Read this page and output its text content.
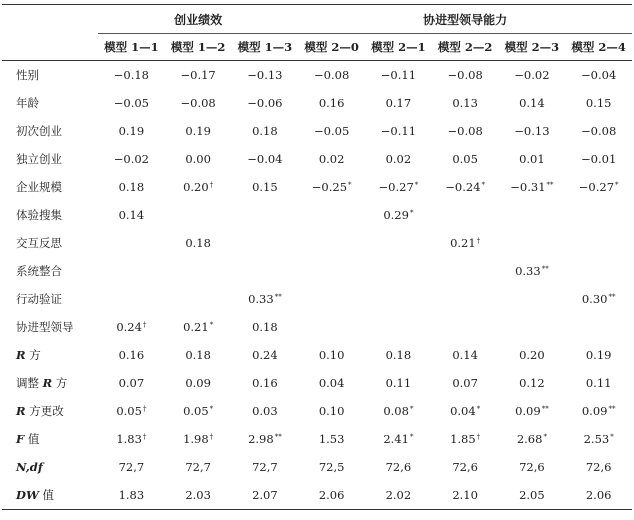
	创业绩效			协进型领导能力				
	模型 1—1	模型 1—2	模型 1—3	模型 2—0	模型 2—1	模型 2—2	模型 2—3	模型 2—4
性别	−0.18	−0.17	−0.13	−0.08	−0.11	−0.08	−0.02	−0.04
年龄	−0.05	−0.08	−0.06	0.16	0.17	0.13	0.14	0.15
初次创业	0.19	0.19	0.18	−0.05	−0.11	−0.08	−0.13	−0.08
独立创业	−0.02	0.00	−0.04	0.02	0.02	0.05	0.01	−0.01
企业规模	0.18	0.20†	0.15	−0.25*	−0.27*	−0.24*	−0.31**	−0.27*
体验搜集	0.14				0.29*			
交互反思		0.18				0.21†		
系统整合							0.33**	
行动验证			0.33**					0.30**
协进型领导	0.24†	0.21*	0.18					
R 方	0.16	0.18	0.24	0.10	0.18	0.14	0.20	0.19
调整 R 方	0.07	0.09	0.16	0.04	0.11	0.07	0.12	0.11
R 方更改	0.05†	0.05*	0.03	0.10	0.08*	0.04*	0.09**	0.09**
F 值	1.83†	1.98†	2.98**	1.53	2.41*	1.85†	2.68*	2.53*
N,df	72,7	72,7	72,7	72,5	72,6	72,6	72,6	72,6
DW 值	1.83	2.03	2.07	2.06	2.02	2.10	2.05	2.06
